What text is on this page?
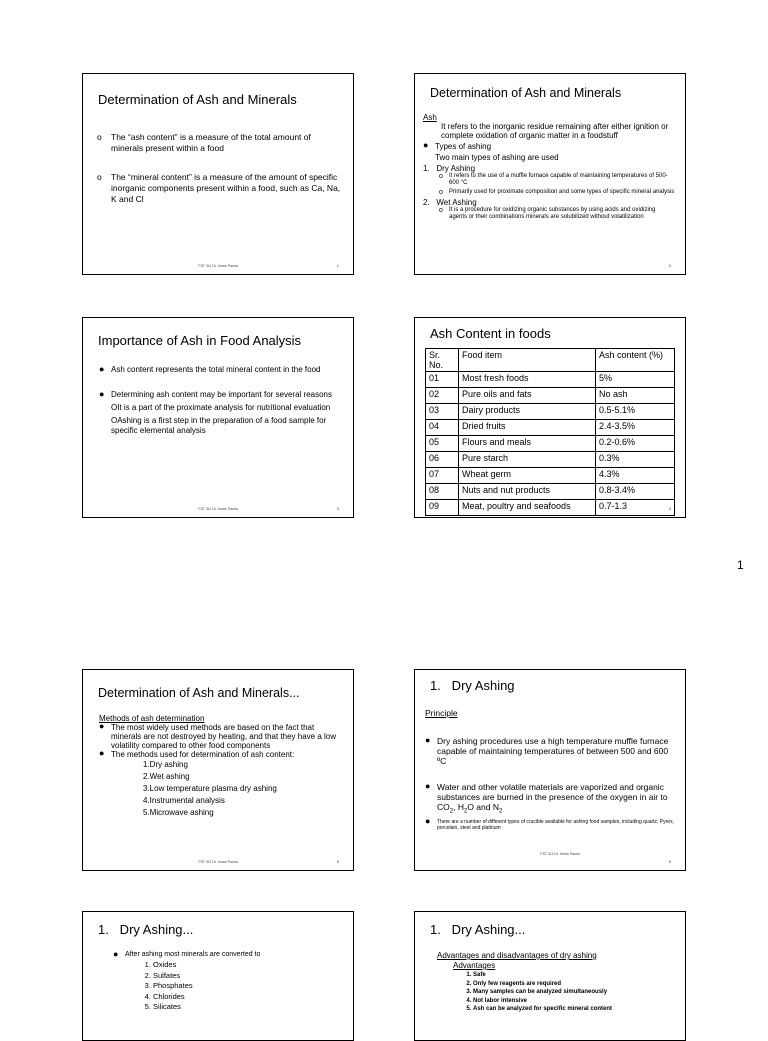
Determination of Ash and Minerals
o The “ash content” is a measure of the total amount of minerals present within a food
o The “mineral content” is a measure of the amount of specific inorganic components present within a food, such as Ca, Na, K and Cl
FST 311 Dr. Imran Pasha	1
Determination of Ash and Minerals
Ash
It refers to the inorganic residue remaining after either ignition or complete oxidation of organic matter in a foodstuff
● Types of ashing
Two main types of ashing are used
1. Dry Ashing
o It refers to the use of a muffle furnace capable of maintaining temperatures of 500-600 °C
o Primarily used for proximate composition and some types of specific mineral analysis
2. Wet Ashing
o It is a procedure for oxidizing organic substances by using acids and oxidizing agents or their combinations minerals are solubilized without volatilization
2
Importance of Ash in Food Analysis
● Ash content represents the total mineral content in the food
● Determining ash content may be important for several reasons
OIt is a part of the proximate analysis for nutritional evaluation
OAshing is a first step in the preparation of a food sample for specific elemental analysis
FST 311 Dr. Imran Pasha	3
Ash Content in foods
Sr. No.	Food item	Ash content (%)
01	Most fresh foods	5%
02	Pure oils and fats	No ash
03	Dairy products	0.5-5.1%
04	Dried fruits	2.4-3.5%
05	Flours and meals	0.2-0.6%
06	Pure starch	0.3%
07	Wheat germ	4.3%
08	Nuts and nut products	0.8-3.4%
09	Meat, poultry and seafoods	0.7-1.3	4
1
Determination of Ash and Minerals...
Methods of ash determination
● The most widely used methods are based on the fact that minerals are not destroyed by heating, and that they have a low volatility compared to other food components
● The methods used for determination of ash content:
1.Dry ashing
2.Wet ashing
3.Low temperature plasma dry ashing
4.Instrumental analysis
5.Microwave ashing
FST 311 Dr. Imran Pasha	5
1.   Dry Ashing
Principle
● Dry ashing procedures use a high temperature muffle furnace capable of maintaining temperatures of between 500 and 600 ºC
● Water and other volatile materials are vaporized and organic substances are burned in the presence of the oxygen in air to $CO_2$, $H_2O$ and $N_2$
● There are a number of different types of crucible available for ashing food samples, including quartz, Pyrex, porcelain, steel and platinum
FST 311 Dr. Imran Pasha
6
1.   Dry Ashing...
● After ashing most minerals are converted to
1. Oxides
2. Sulfates
3. Phosphates
4. Chlorides
5. Silicates
1.   Dry Ashing...
Advantages and disadvantages of dry ashing
Advantages
1. Safe
2. Only few reagents are required
3. Many samples can be analyzed simultaneously
4. Not labor intensive
5. Ash can be analyzed for specific mineral content
